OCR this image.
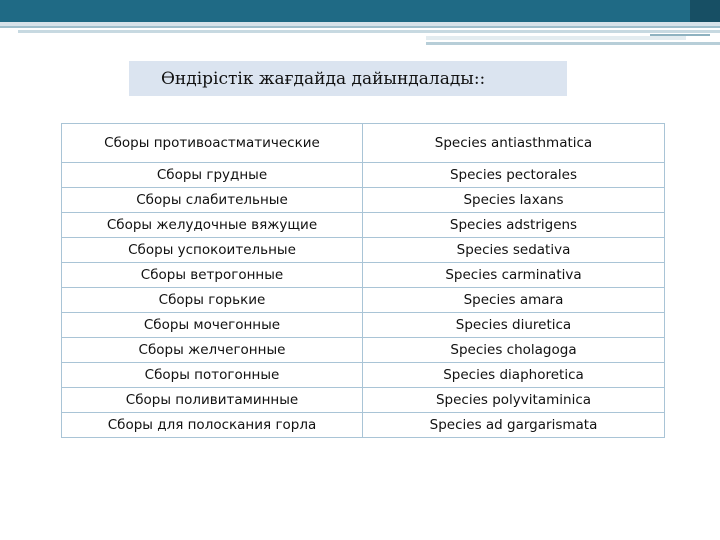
Өндірістік жағдайда дайындалады::
Сборы противоастматические	Species antiasthmatica
Сборы грудные	Species pectorales
Сборы слабительные	Species laxans
Сборы желудочные вяжущие	Species adstrigens
Сборы успокоительные	Species sedativa
Сборы ветрогонные	Species carminativa
Сборы горькие	Species amara
Сборы мочегонные	Species diuretica
Сборы желчегонные	Species cholagoga
Сборы потогонные	Species diaphoretica
Сборы поливитаминные	Species polyvitaminica
Сборы для полоскания горла	Species ad gargarismata
